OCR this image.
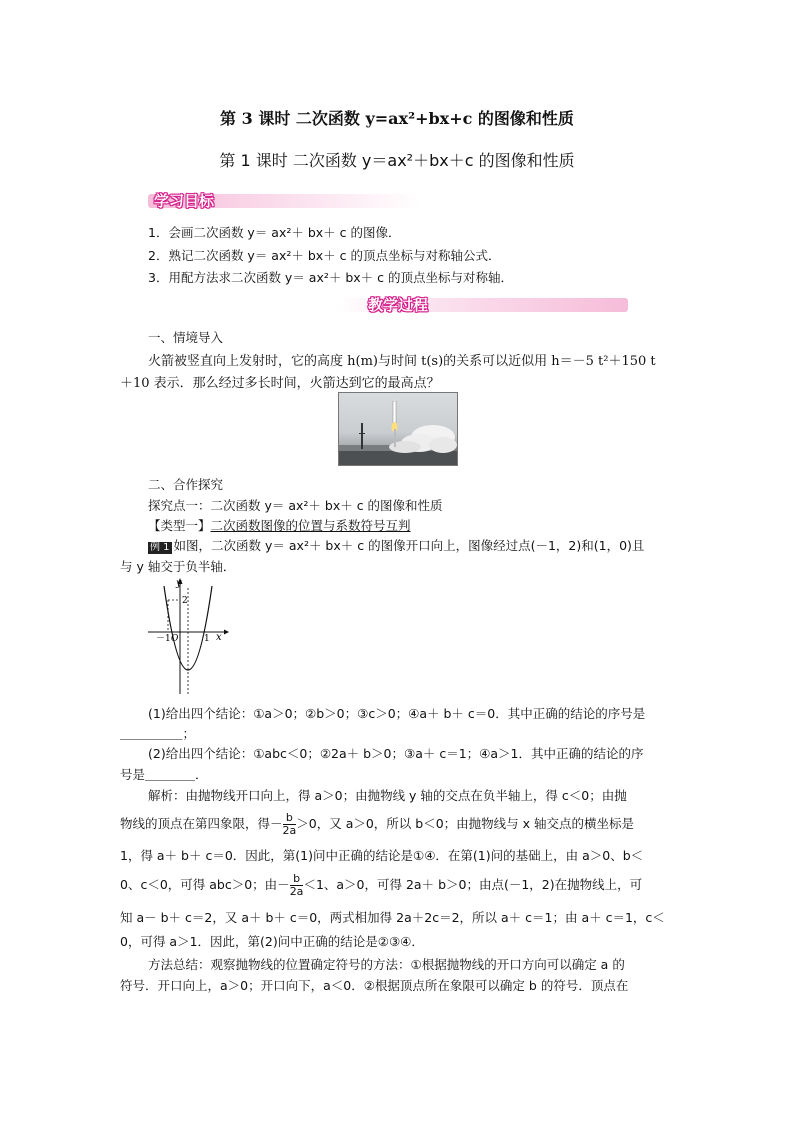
第 3 课时 二次函数 y=ax²+bx+c 的图像和性质
第 1 课时 二次函数 y＝ax²＋bx＋c 的图像和性质
学习目标
1．会画二次函数 y＝ ax²＋ bx＋ c 的图像．
2．熟记二次函数 y＝ ax²＋ bx＋ c 的顶点坐标与对称轴公式．
3．用配方法求二次函数 y＝ ax²＋ bx＋ c 的顶点坐标与对称轴．
教学过程
一、情境导入
火箭被竖直向上发射时，它的高度 h(m)与时间 t(s)的关系可以近似用 h＝－5 t²＋150 t
＋10 表示．那么经过多长时间，火箭达到它的最高点？
二、合作探究
探究点一：二次函数 y＝ ax²＋ bx＋ c 的图像和性质
【类型一】二次函数图像的位置与系数符号互判
例 1 如图，二次函数 y＝ ax²＋ bx＋ c 的图像开口向上，图像经过点(－1，2)和(1，0)且
与 y 轴交于负半轴．
y
x
2
O
－1	1
(1)给出四个结论：①a＞0；②b＞0；③c＞0；④a＋ b＋ c＝0．其中正确的结论的序号是
＿＿＿＿＿；
(2)给出四个结论：①abc＜0；②2a＋ b＞0；③a＋ c＝1；④a＞1．其中正确的结论的序
号是＿＿＿＿．
解析：由抛物线开口向上，得 a＞0；由抛物线 y 轴的交点在负半轴上，得 c＜0；由抛
物线的顶点在第四象限，得－ $\frac{b}{2a} >0$，又 a＞0，所以 b＜0；由抛物线与 x 轴交点的横坐标是
1，得 a＋ b＋ c＝0．因此，第(1)问中正确的结论是①④．在第(1)问的基础上，由 a＞0、b＜
0、c＜0，可得 abc＞0；由－ $\frac{b}{2a} <1$、a＞0，可得 2a＋ b＞0；由点(－1，2)在抛物线上，可
知 a－ b＋ c＝2，又 a＋ b＋ c＝0，两式相加得 2a＋2c＝2，所以 a＋ c＝1；由 a＋ c＝1，c＜
0，可得 a＞1．因此，第(2)问中正确的结论是②③④．
方法总结：观察抛物线的位置确定符号的方法：①根据抛物线的开口方向可以确定 a 的
符号．开口向上，a＞0；开口向下，a＜0．②根据顶点所在象限可以确定 b 的符号．顶点在
